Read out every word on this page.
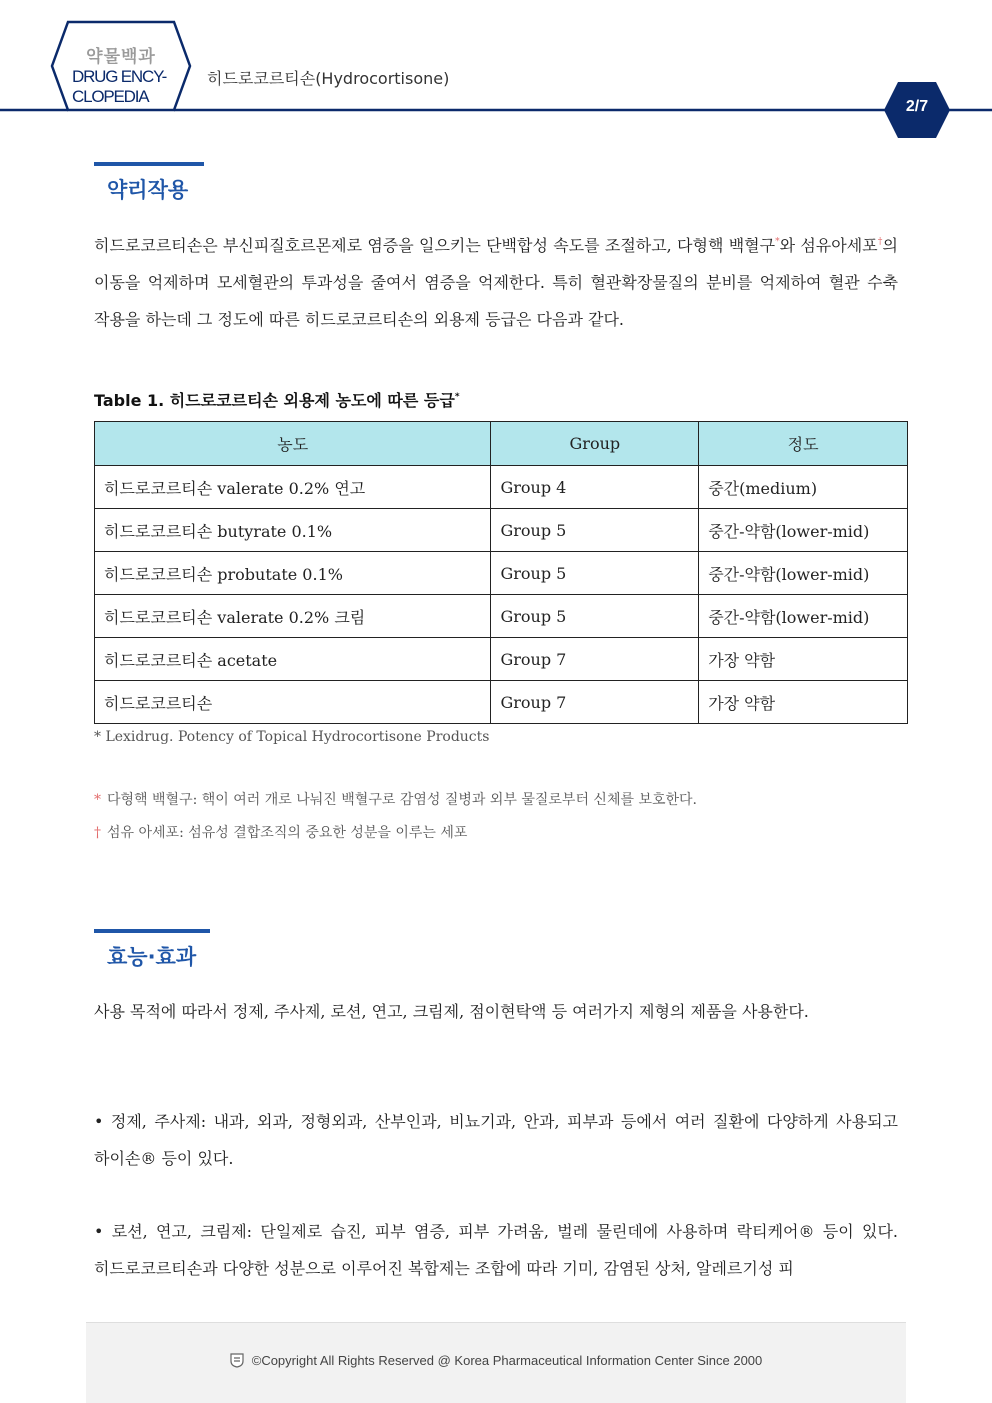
약물백과
DRUG ENCY-
CLOPEDIA
히드로코르티손(Hydrocortisone)
2/7
약리작용
히드로코르티손은 부신피질호르몬제로 염증을 일으키는 단백합성 속도를 조절하고, 다형핵 백혈구*와 섬유아세포†의 이동을 억제하며 모세혈관의 투과성을 줄여서 염증을 억제한다. 특히 혈관확장물질의 분비를 억제하여 혈관 수축 작용을 하는데 그 정도에 따른 히드로코르티손의 외용제 등급은 다음과 같다.
Table 1. 히드로코르티손 외용제 농도에 따른 등급*
농도	Group	정도
히드로코르티손 valerate 0.2% 연고	Group 4	중간(medium)
히드로코르티손 butyrate 0.1%	Group 5	중간-약함(lower-mid)
히드로코르티손 probutate 0.1%	Group 5	중간-약함(lower-mid)
히드로코르티손 valerate 0.2% 크림	Group 5	중간-약함(lower-mid)
히드로코르티손 acetate	Group 7	가장 약함
히드로코르티손	Group 7	가장 약함
* Lexidrug. Potency of Topical Hydrocortisone Products
* 다형핵 백혈구: 핵이 여러 개로 나눠진 백혈구로 감염성 질병과 외부 물질로부터 신체를 보호한다.
† 섬유 아세포: 섬유성 결합조직의 중요한 성분을 이루는 세포
효능·효과
사용 목적에 따라서 정제, 주사제, 로션, 연고, 크림제, 점이현탁액 등 여러가지 제형의 제품을 사용한다.
• 정제, 주사제: 내과, 외과, 정형외과, 산부인과, 비뇨기과, 안과, 피부과 등에서 여러 질환에 다양하게 사용되고 하이손® 등이 있다.
• 로션, 연고, 크림제: 단일제로 습진, 피부 염증, 피부 가려움, 벌레 물린데에 사용하며 락티케어® 등이 있다. 히드로코르티손과 다양한 성분으로 이루어진 복합제는 조합에 따라 기미, 감염된 상처, 알레르기성 피
©Copyright All Rights Reserved @ Korea Pharmaceutical Information Center Since 2000
